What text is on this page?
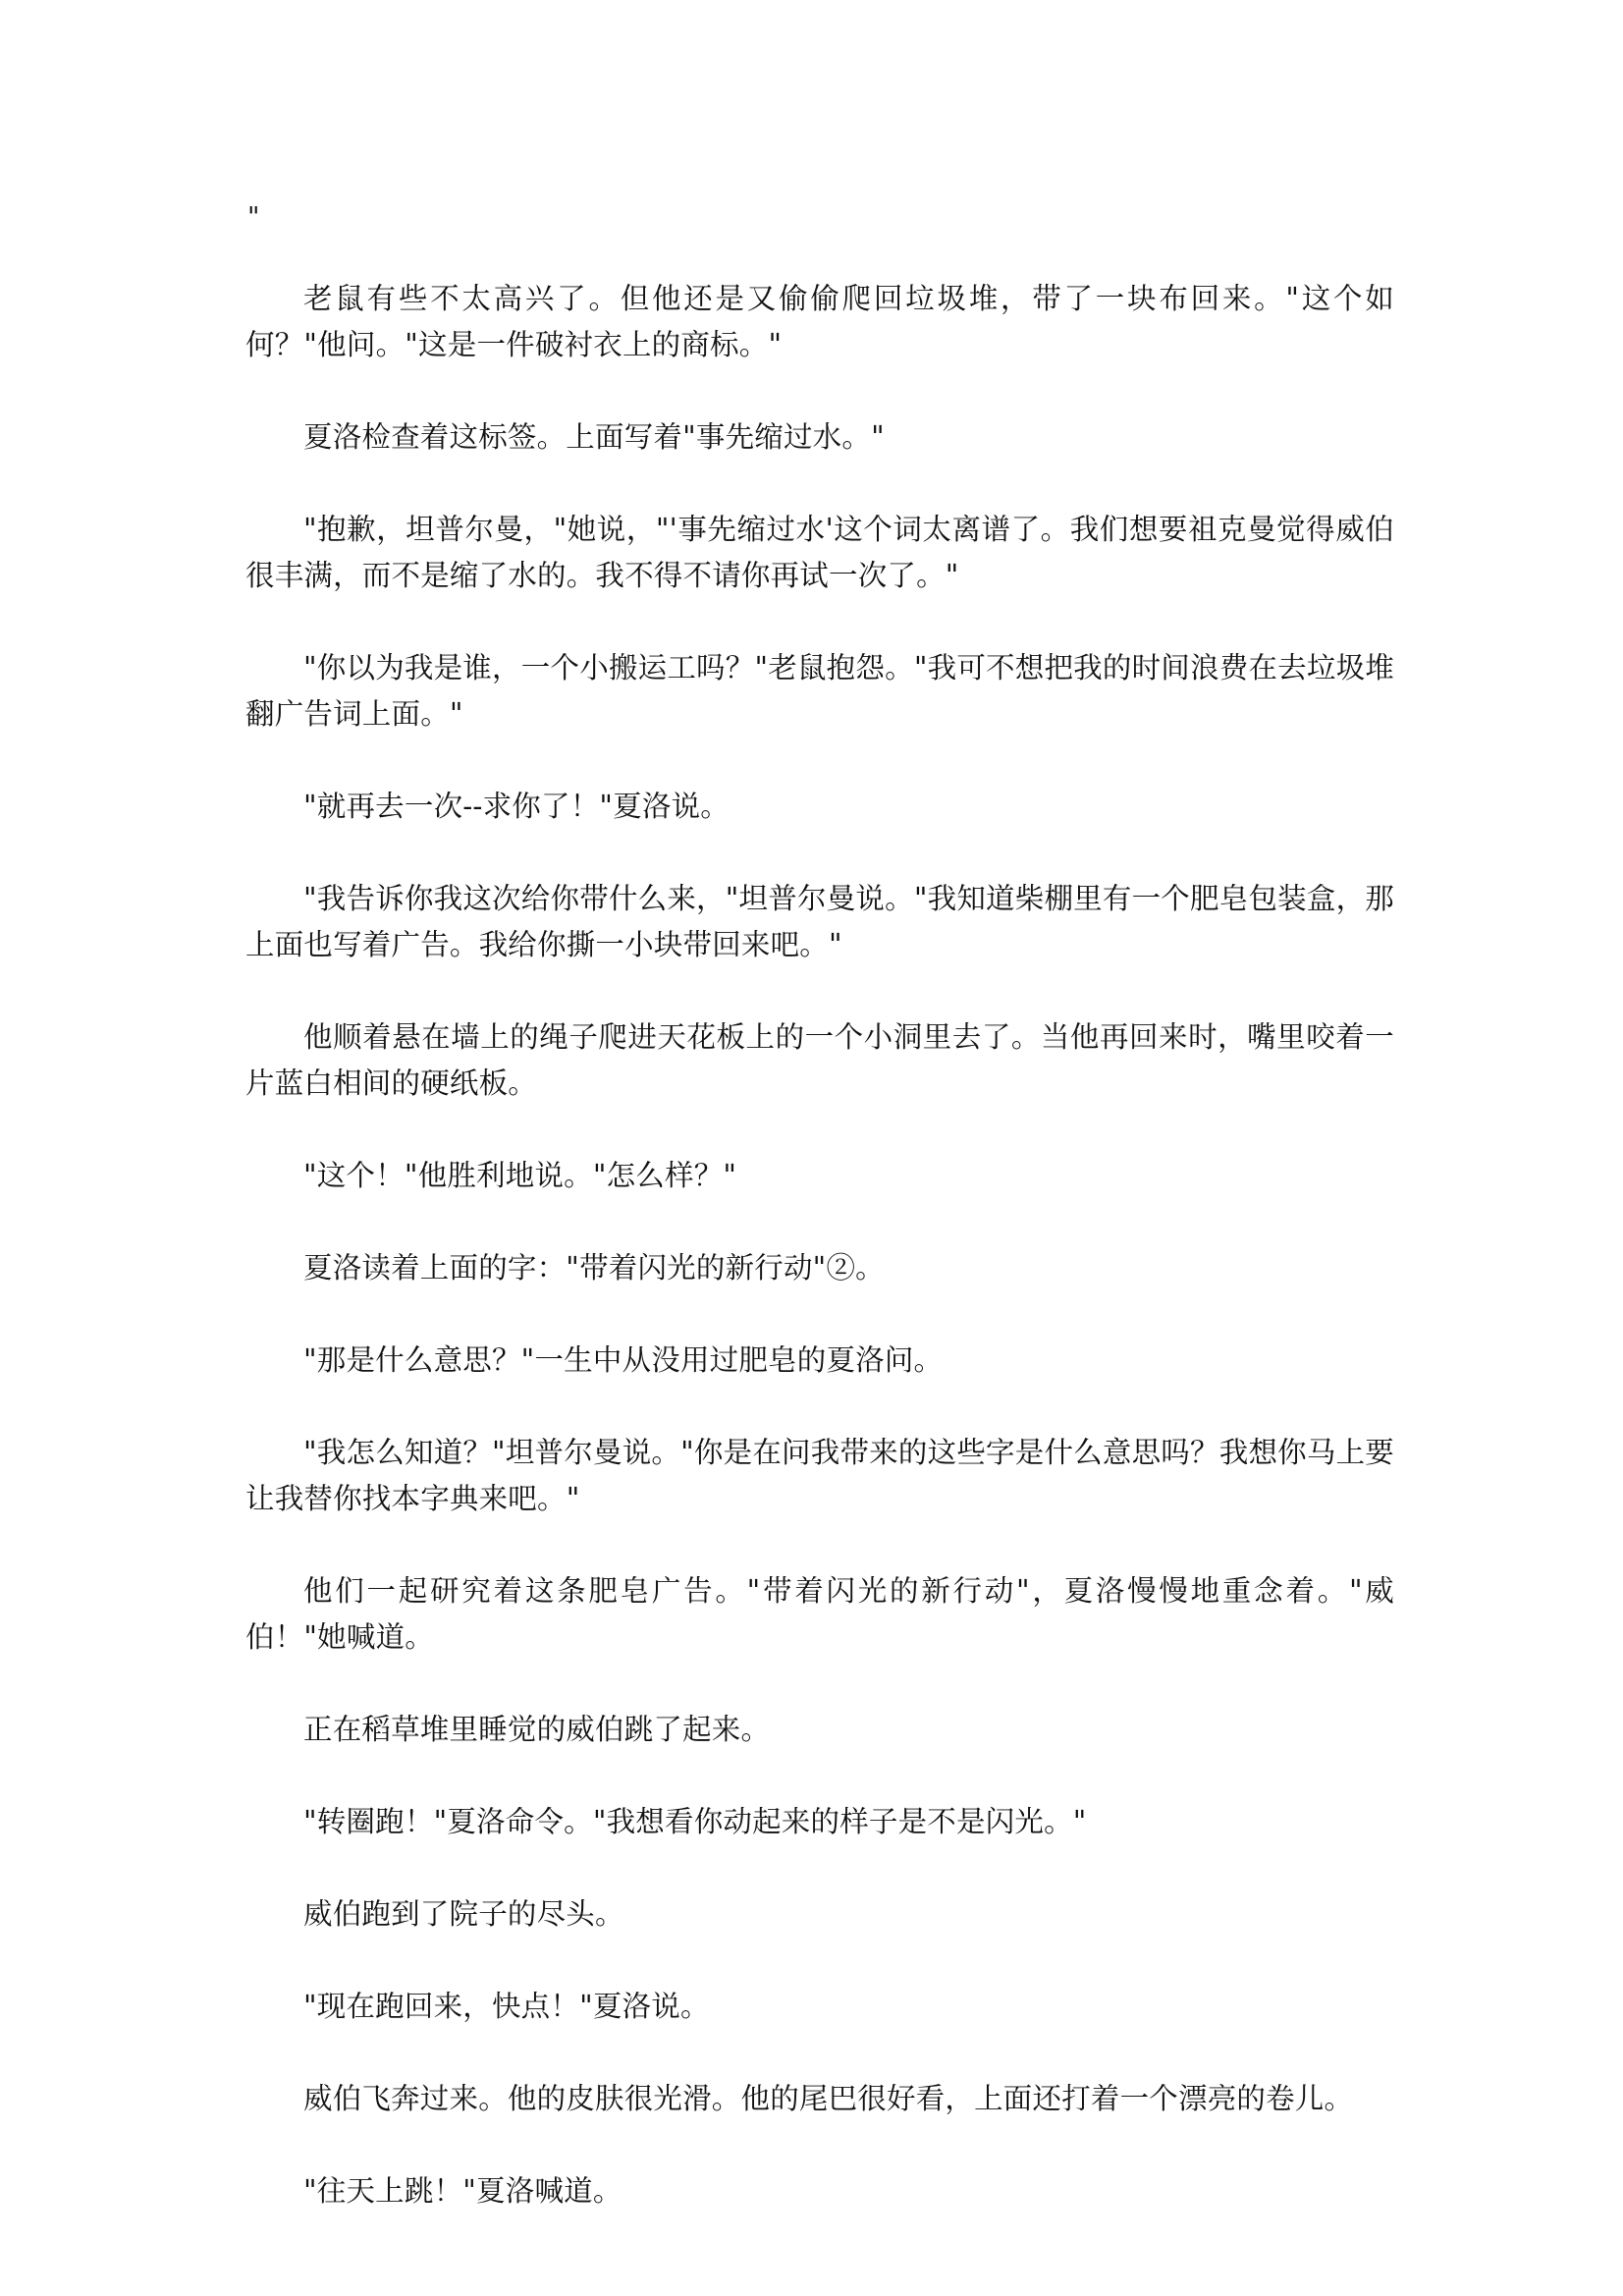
"

老鼠有些不太高兴了。但他还是又偷偷爬回垃圾堆，带了一块布回来。"这个如何？"他问。"这是一件破衬衣上的商标。"

夏洛检查着这标签。上面写着"事先缩过水。"

"抱歉，坦普尔曼，"她说，"'事先缩过水'这个词太离谱了。我们想要祖克曼觉得威伯很丰满，而不是缩了水的。我不得不请你再试一次了。"

"你以为我是谁，一个小搬运工吗？"老鼠抱怨。"我可不想把我的时间浪费在去垃圾堆翻广告词上面。"

"就再去一次--求你了！"夏洛说。

"我告诉你我这次给你带什么来，"坦普尔曼说。"我知道柴棚里有一个肥皂包装盒，那上面也写着广告。我给你撕一小块带回来吧。"

他顺着悬在墙上的绳子爬进天花板上的一个小洞里去了。当他再回来时，嘴里咬着一片蓝白相间的硬纸板。

"这个！"他胜利地说。"怎么样？"

夏洛读着上面的字："带着闪光的新行动"②。

"那是什么意思？"一生中从没用过肥皂的夏洛问。

"我怎么知道？"坦普尔曼说。"你是在问我带来的这些字是什么意思吗？我想你马上要让我替你找本字典来吧。"

他们一起研究着这条肥皂广告。"带着闪光的新行动"，夏洛慢慢地重念着。"威伯！"她喊道。

正在稻草堆里睡觉的威伯跳了起来。

"转圈跑！"夏洛命令。"我想看你动起来的样子是不是闪光。"

威伯跑到了院子的尽头。

"现在跑回来，快点！"夏洛说。

威伯飞奔过来。他的皮肤很光滑。他的尾巴很好看，上面还打着一个漂亮的卷儿。

"往天上跳！"夏洛喊道。
